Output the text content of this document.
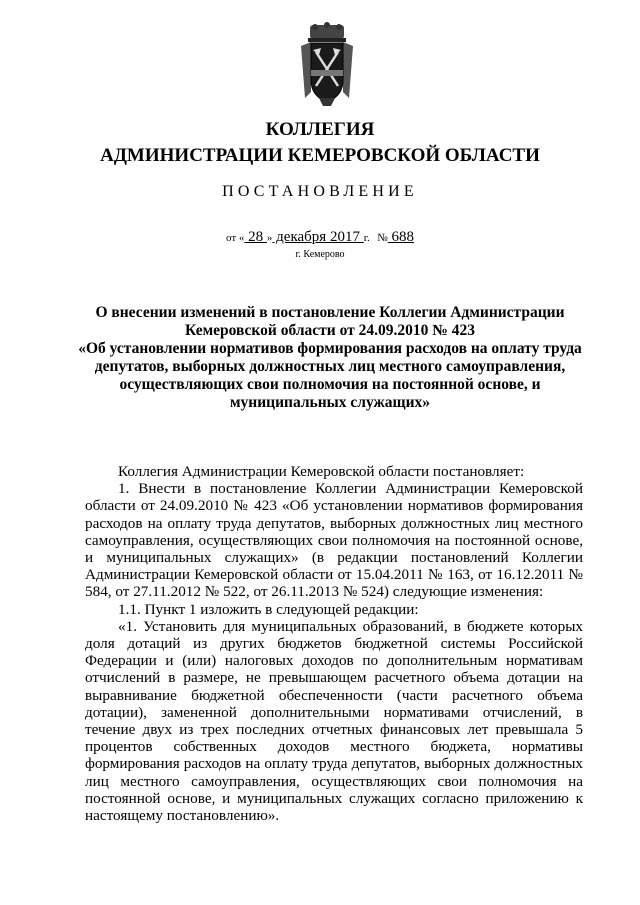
КОЛЛЕГИЯ
АДМИНИСТРАЦИИ КЕМЕРОВСКОЙ ОБЛАСТИ
ПОСТАНОВЛЕНИЕ
от « 28 » декабря 2017 г. № 688
г. Кемерово
О внесении изменений в постановление Коллегии Администрации
Кемеровской области от 24.09.2010 № 423
«Об установлении нормативов формирования расходов на оплату труда
депутатов, выборных должностных лиц местного самоуправления,
осуществляющих свои полномочия на постоянной основе, и
муниципальных служащих»

Коллегия Администрации Кемеровской области постановляет:

1. Внести в постановление Коллегии Администрации Кемеровской области от 24.09.2010 № 423 «Об установлении нормативов формирования расходов на оплату труда депутатов, выборных должностных лиц местного самоуправления, осуществляющих свои полномочия на постоянной основе, и муниципальных служащих» (в редакции постановлений Коллегии Администрации Кемеровской области от 15.04.2011 № 163, от 16.12.2011 № 584, от 27.11.2012 № 522, от 26.11.2013 № 524) следующие изменения:

1.1. Пункт 1 изложить в следующей редакции:

«1. Установить для муниципальных образований, в бюджете которых доля дотаций из других бюджетов бюджетной системы Российской Федерации и (или) налоговых доходов по дополнительным нормативам отчислений в размере, не превышающем расчетного объема дотации на выравнивание бюджетной обеспеченности (части расчетного объема дотации), замененной дополнительными нормативами отчислений, в течение двух из трех последних отчетных финансовых лет превышала 5 процентов собственных доходов местного бюджета, нормативы формирования расходов на оплату труда депутатов, выборных должностных лиц местного самоуправления, осуществляющих свои полномочия на постоянной основе, и муниципальных служащих согласно приложению к настоящему постановлению».
